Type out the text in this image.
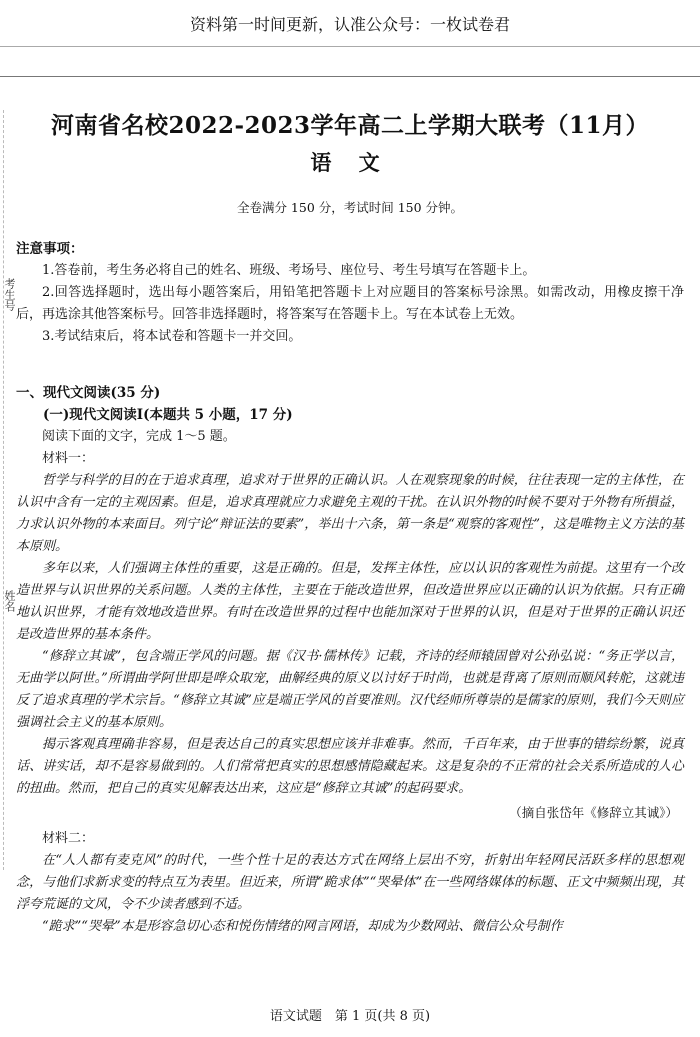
资料第一时间更新，认准公众号：一枚试卷君
考生号
姓名
河南省名校2022-2023学年高二上学期大联考（11月）
语 文
全卷满分 150 分，考试时间 150 分钟。

注意事项：

1.答卷前，考生务必将自己的姓名、班级、考场号、座位号、考生号填写在答题卡上。

2.回答选择题时，选出每小题答案后，用铅笔把答题卡上对应题目的答案标号涂黑。如需改动，用橡皮擦干净后，再选涂其他答案标号。回答非选择题时，将答案写在答题卡上。写在本试卷上无效。

3.考试结束后，将本试卷和答题卡一并交回。

一、现代文阅读(35 分)

(一)现代文阅读Ⅰ(本题共 5 小题，17 分)

阅读下面的文字，完成 1～5 题。

材料一：

哲学与科学的目的在于追求真理，追求对于世界的正确认识。人在观察现象的时候，往往表现一定的主体性，在认识中含有一定的主观因素。但是，追求真理就应力求避免主观的干扰。在认识外物的时候不要对于外物有所損益，力求认识外物的本来面目。列宁论“辩证法的要素”，举出十六条，第一条是“观察的客观性”，这是唯物主义方法的基本原则。

多年以来，人们强调主体性的重要，这是正确的。但是，发挥主体性，应以认识的客观性为前提。这里有一个改造世界与认识世界的关系问题。人类的主体性，主要在于能改造世界，但改造世界应以正确的认识为依据。只有正确地认识世界，才能有效地改造世界。有时在改造世界的过程中也能加深对于世界的认识，但是对于世界的正确认识还是改造世界的基本条件。

“修辞立其诚”，包含端正学风的问题。据《汉书·儒林传》记载，齐诗的经师辕固曾对公孙弘说：“务正学以言，无曲学以阿世。”所谓曲学阿世即是哗众取宠，曲解经典的原义以讨好于时尚，也就是背离了原则而顺风转舵，这就违反了追求真理的学术宗旨。“修辞立其诚”应是端正学风的首要准则。汉代经师所尊崇的是儒家的原则，我们今天则应强调社会主义的基本原则。

揭示客观真理确非容易，但是表达自己的真实思想应该并非难事。然而，千百年来，由于世事的错综纷繁，说真话、讲实话，却不是容易做到的。人们常常把真实的思想感情隐藏起来。这是复杂的不正常的社会关系所造成的人心的扭曲。然而，把自己的真实见解表达出来，这应是“修辞立其诚”的起码要求。

（摘自张岱年《修辞立其诚》）

材料二：

在“人人都有麦克风”的时代，一些个性十足的表达方式在网络上层出不穷，折射出年轻网民活跃多样的思想观念，与他们求新求变的特点互为表里。但近来，所谓“跪求体”“哭晕体”在一些网络媒体的标题、正文中频频出现，其浮夸荒诞的文风，令不少读者感到不适。

“跪求”“哭晕”本是形容急切心态和悦伤情绪的网言网语，却成为少数网站、微信公众号制作

语文试题　第 1 页(共 8 页)
